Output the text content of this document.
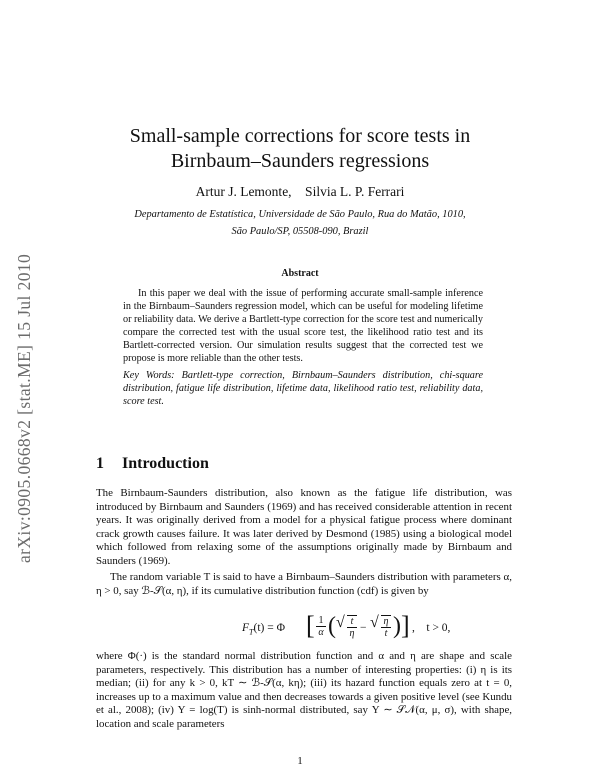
arXiv:0905.0668v2 [stat.ME] 15 Jul 2010
Small-sample corrections for score tests in
Birnbaum–Saunders regressions
Artur J. Lemonte,    Silvia L. P. Ferrari
Departamento de Estatística, Universidade de São Paulo, Rua do Matão, 1010,
São Paulo/SP, 05508-090, Brazil
Abstract

In this paper we deal with the issue of performing accurate small-sample inference in the Birnbaum–Saunders regression model, which can be useful for modeling lifetime or reliability data. We derive a Bartlett-type correction for the score test and numerically compare the corrected test with the usual score test, the likelihood ratio test and its Bartlett-corrected version. Our simulation results suggest that the corrected test we propose is more reliable than the other tests.

Key Words: Bartlett-type correction, Birnbaum–Saunders distribution, chi-square distribution, fatigue life distribution, lifetime data, likelihood ratio test, reliability data, score test.
1 Introduction

The Birnbaum-Saunders distribution, also known as the fatigue life distribution, was introduced by Birnbaum and Saunders (1969) and has received considerable attention in recent years. It was originally derived from a model for a physical fatigue process where dominant crack growth causes failure. It was later derived by Desmond (1985) using a biological model which followed from relaxing some of the assumptions originally made by Birnbaum and Saunders (1969).

The random variable T is said to have a Birnbaum–Saunders distribution with parameters α, η > 0, say ℬ-𝒮(α, η), if its cumulative distribution function (cdf) is given by

$F_T(t) = \Phi$ [ 1
α ( √ t
η − √ η
t ) ] ,    t > 0,

where Φ(·) is the standard normal distribution function and α and η are shape and scale parameters, respectively. This distribution has a number of interesting properties: (i) η is its median; (ii) for any k > 0, kT ∼ ℬ-𝒮(α, kη); (iii) its hazard function equals zero at t = 0, increases up to a maximum value and then decreases towards a given positive level (see Kundu et al., 2008); (iv) Y = log(T) is sinh-normal distributed, say Y ∼ 𝒮𝒩(α, μ, σ), with shape, location and scale parameters

1
